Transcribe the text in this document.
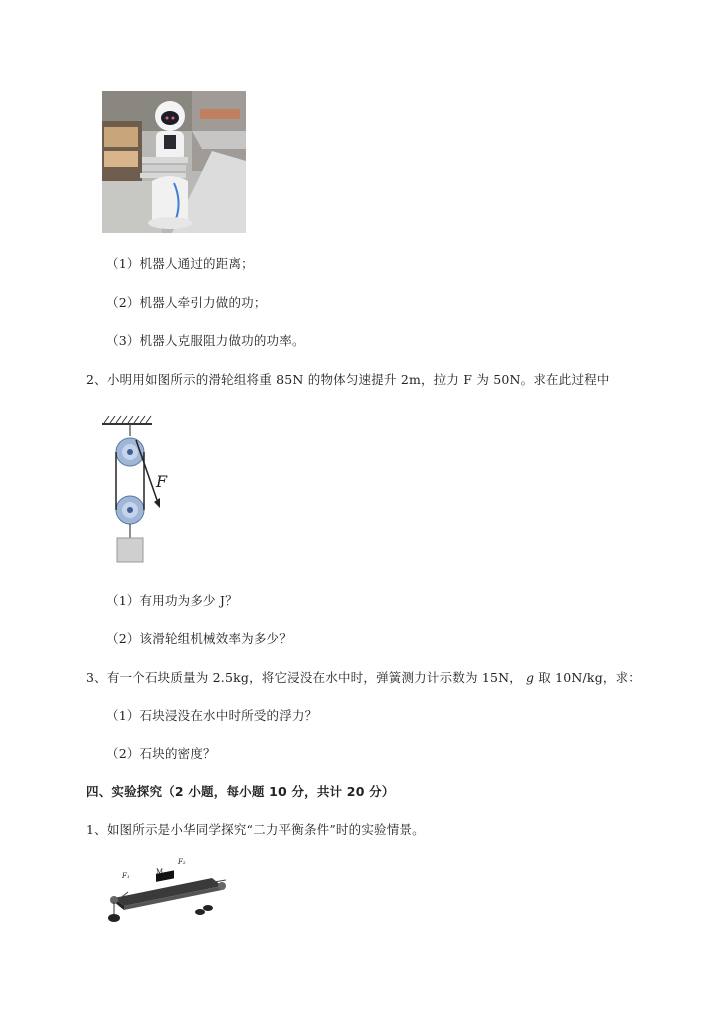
（1）机器人通过的距离；
（2）机器人牵引力做的功；
（3）机器人克服阻力做功的功率。
2、小明用如图所示的滑轮组将重 85N 的物体匀速提升 2m，拉力 F 为 50N。求在此过程中
F
（1）有用功为多少 J？
（2）该滑轮组机械效率为多少？
3、有一个石块质量为 2.5kg，将它浸没在水中时，弹簧测力计示数为 15N， g 取 10N/kg，求：
（1）石块浸没在水中时所受的浮力？
（2）石块的密度？
四、实验探究（2 小题，每小题 10 分，共计 20 分）
1、如图所示是小华同学探究“二力平衡条件”时的实验情景。
F₁	M
F₂
